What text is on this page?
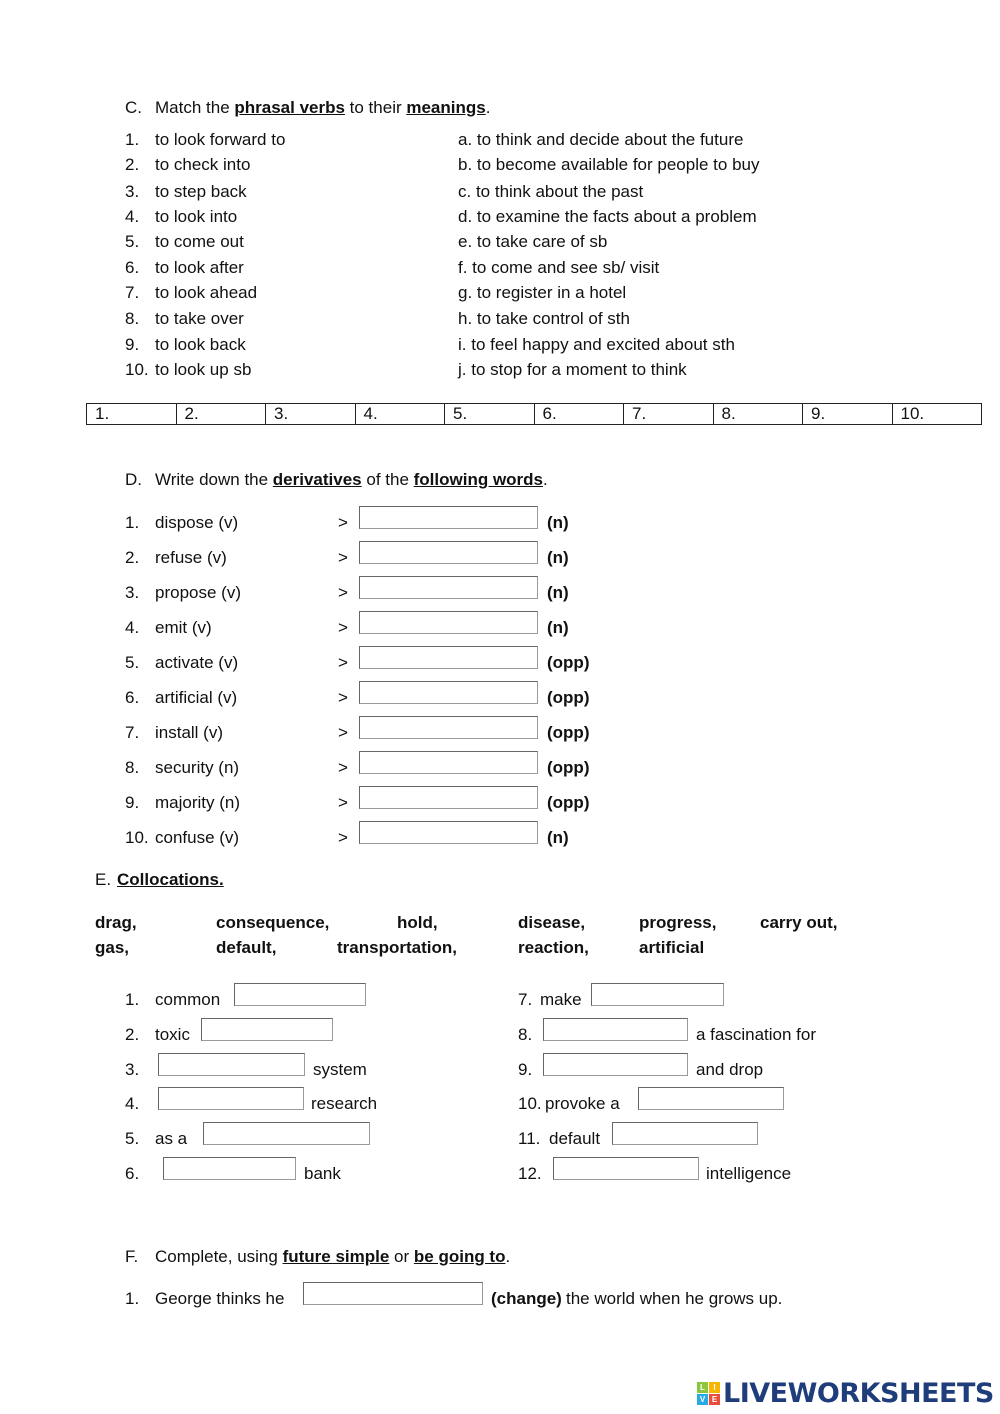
1.	2.	3.	4.	5.	6.	7.	8.	9.	10.
L	I
V E LIVEWORKSHEETS
C. Match the phrasal verbs to their meanings.
1. to look forward to	a. to think and decide about the future
2. to check into	b. to become available for people to buy
3. to step back	c. to think about the past
4. to look into	d. to examine the facts about a problem
5. to come out	e. to take care of sb
6. to look after	f. to come and see sb/ visit
7. to look ahead	g. to register in a hotel
8. to take over	h. to take control of sth
9. to look back	i. to feel happy and excited about sth
10. to look up sb	j. to stop for a moment to think
D. Write down the derivatives of the following words.
1. dispose (v)	>	(n)
2. refuse (v)	>	(n)
3. propose (v)	>	(n)
4. emit (v)	>	(n)
5. activate (v)	>	(opp)
6. artificial (v)	>	(opp)
7. install (v)	>	(opp)
8. security (n)	>	(opp)
9. majority (n)	>	(opp)
10. confuse (v)	>	(n)
E. Collocations.
drag,	consequence,	hold,	disease,	progress,	carry out,
gas,	default,	transportation,	reaction,	artificial
1. common
2. toxic
3.	system
4.	research
5. as a
6.	bank
7. make
8.	a fascination for
9.	and drop
10. provoke a
11. default
12.	intelligence
F. Complete, using future simple or be going to.
1. George thinks he	(change) the world when he grows up.
